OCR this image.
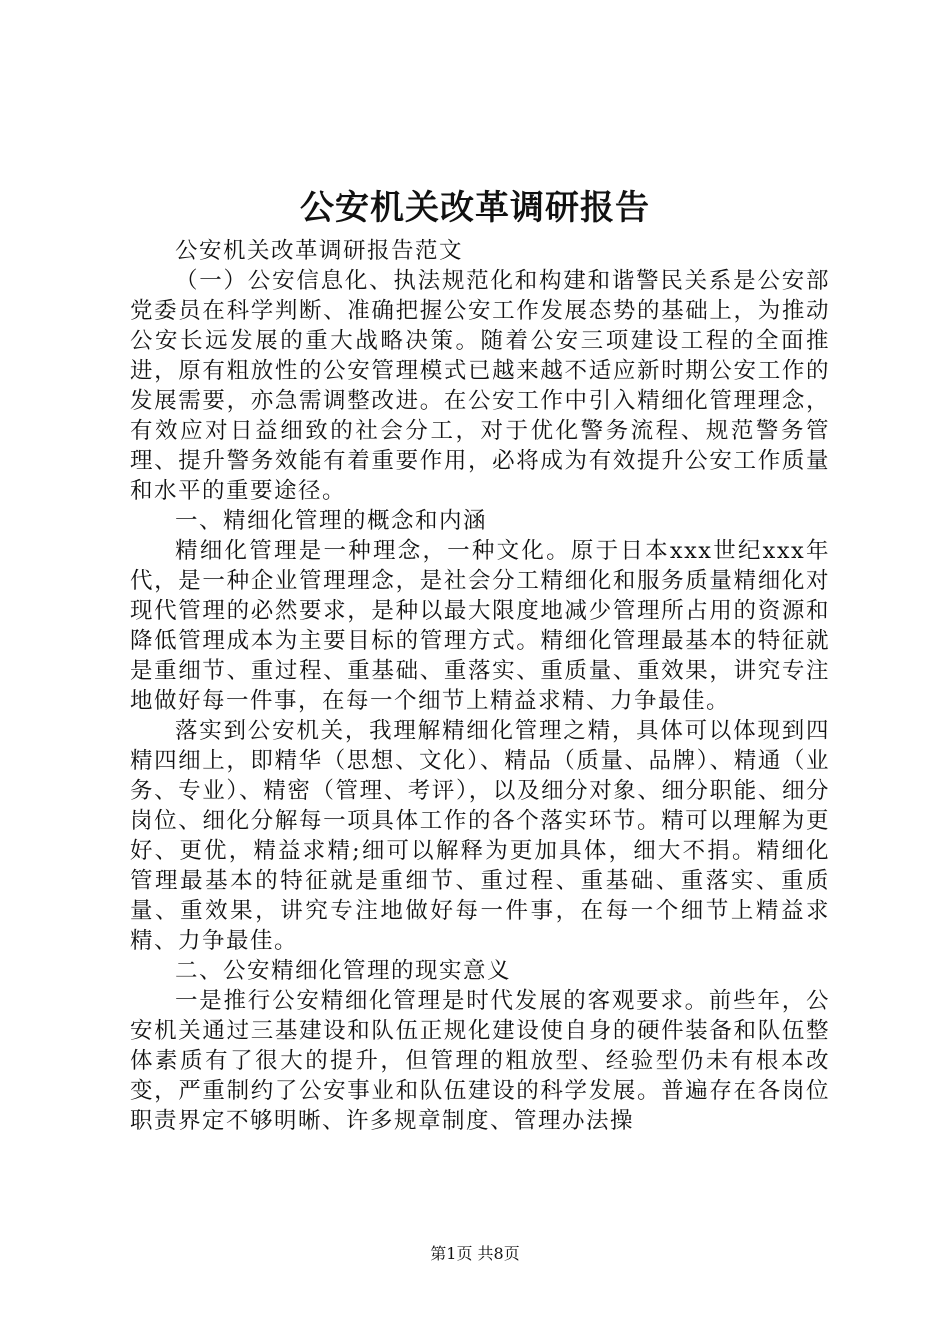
公安机关改革调研报告

公安机关改革调研报告范文

（一）公安信息化、执法规范化和构建和谐警民关系是公安部党委员在科学判断、准确把握公安工作发展态势的基础上，为推动公安长远发展的重大战略决策。随着公安三项建设工程的全面推进，原有粗放性的公安管理模式已越来越不适应新时期公安工作的发展需要，亦急需调整改进。在公安工作中引入精细化管理理念，有效应对日益细致的社会分工，对于优化警务流程、规范警务管理、提升警务效能有着重要作用，必将成为有效提升公安工作质量和水平的重要途径。

一、精细化管理的概念和内涵

精细化管理是一种理念，一种文化。原于日本xxx世纪xxx年代，是一种企业管理理念，是社会分工精细化和服务质量精细化对现代管理的必然要求，是种以最大限度地减少管理所占用的资源和降低管理成本为主要目标的管理方式。精细化管理最基本的特征就是重细节、重过程、重基础、重落实、重质量、重效果，讲究专注地做好每一件事，在每一个细节上精益求精、力争最佳。

落实到公安机关，我理解精细化管理之精，具体可以体现到四精四细上，即精华（思想、文化）、精品（质量、品牌）、精通（业务、专业）、精密（管理、考评），以及细分对象、细分职能、细分岗位、细化分解每一项具体工作的各个落实环节。精可以理解为更好、更优，精益求精;细可以解释为更加具体，细大不捐。精细化管理最基本的特征就是重细节、重过程、重基础、重落实、重质量、重效果，讲究专注地做好每一件事，在每一个细节上精益求精、力争最佳。

二、公安精细化管理的现实意义

一是推行公安精细化管理是时代发展的客观要求。前些年，公安机关通过三基建设和队伍正规化建设使自身的硬件装备和队伍整体素质有了很大的提升，但管理的粗放型、经验型仍未有根本改变，严重制约了公安事业和队伍建设的科学发展。普遍存在各岗位职责界定不够明晰、许多规章制度、管理办法操

第1页 共8页
